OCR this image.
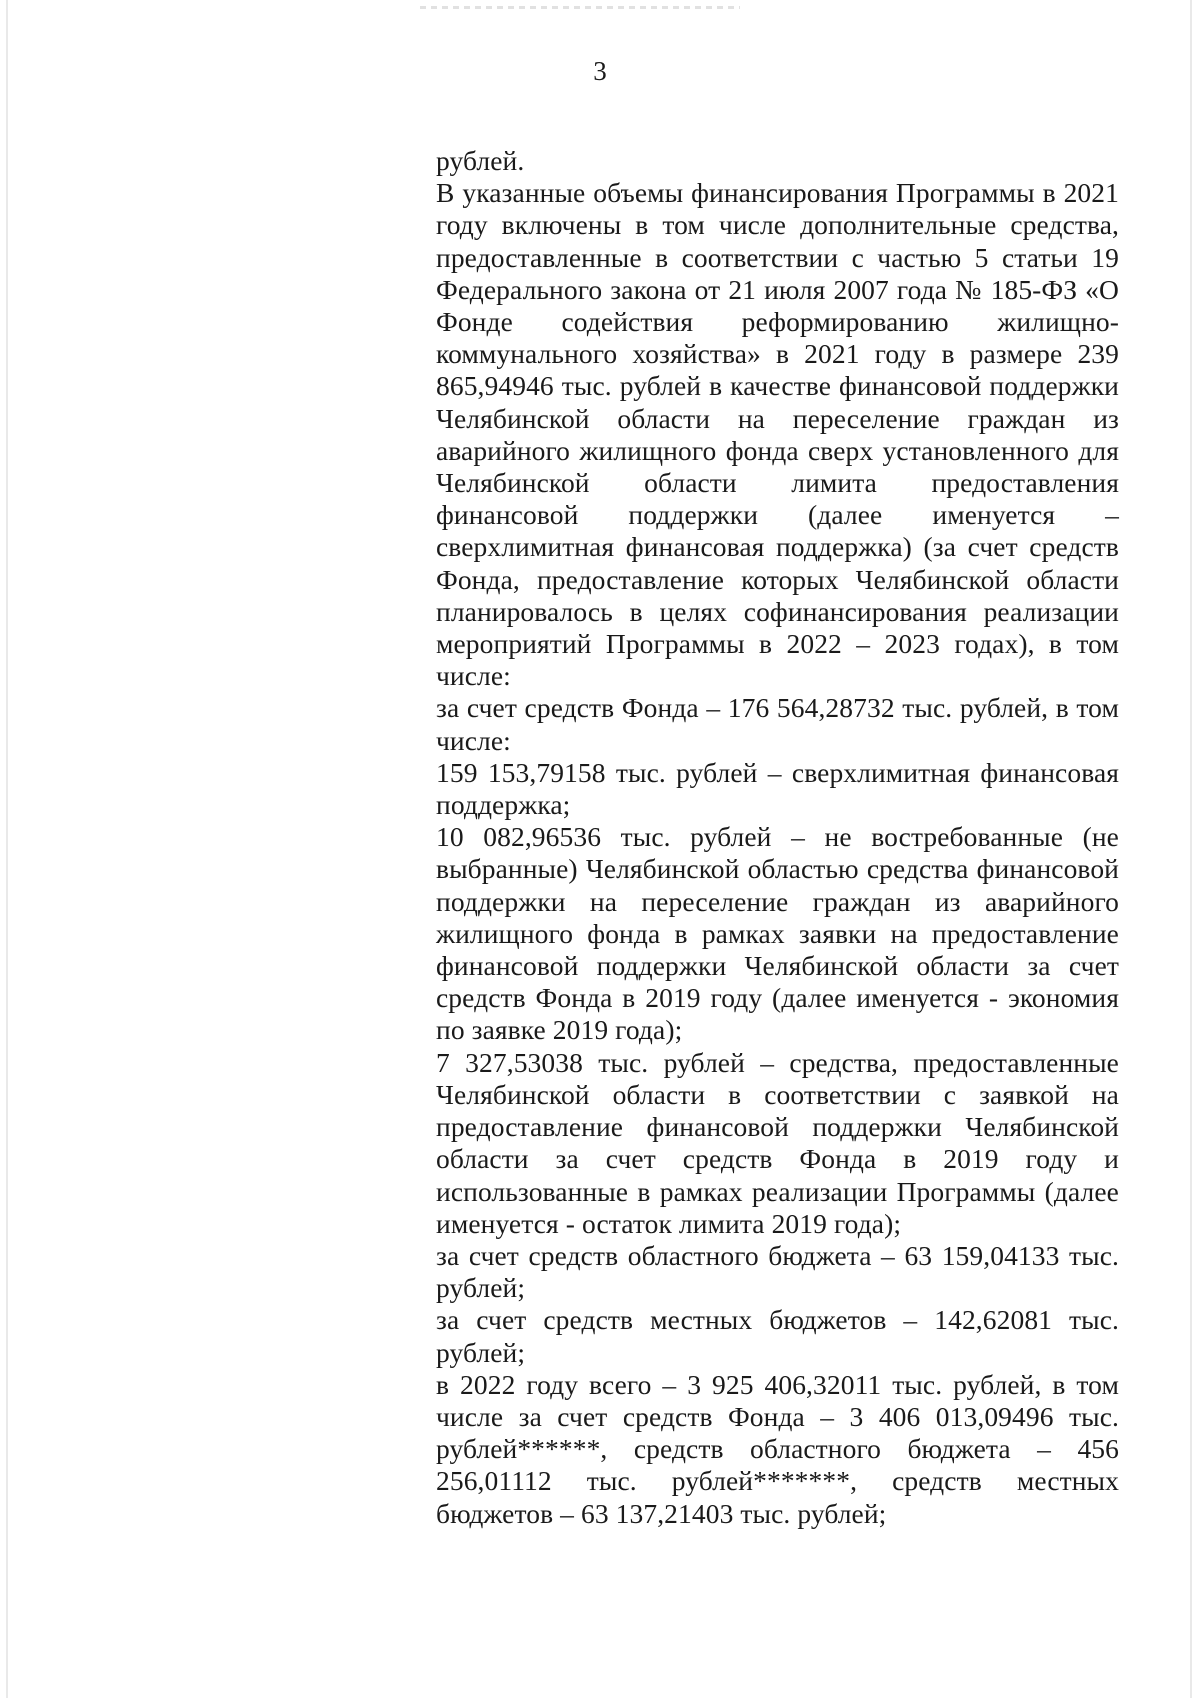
3

рублей.

В указанные объемы финансирования Программы в 2021 году включены в том числе дополнительные средства, предоставленные в соответствии с частью 5 статьи 19 Федерального закона от 21 июля 2007 года № 185-ФЗ «О Фонде содействия реформированию жилищно-коммунального хозяйства» в 2021 году в размере 239 865,94946 тыс. рублей в качестве финансовой поддержки Челябинской области на переселение граждан из аварийного жилищного фонда сверх установленного для Челябинской области лимита предоставления финансовой поддержки (далее именуется – сверхлимитная финансовая поддержка) (за счет средств Фонда, предоставление которых Челябинской области планировалось в целях софинансирования реализации мероприятий Программы в 2022 – 2023 годах), в том числе:

за счет средств Фонда – 176 564,28732 тыс. рублей, в том числе:

159 153,79158 тыс. рублей – сверхлимитная финансовая поддержка;

10 082,96536 тыс. рублей – не востребованные (не выбранные) Челябинской областью средства финансовой поддержки на переселение граждан из аварийного жилищного фонда в рамках заявки на предоставление финансовой поддержки Челябинской области за счет средств Фонда в 2019 году (далее именуется - экономия по заявке 2019 года);

7 327,53038 тыс. рублей – средства, предоставленные Челябинской области в соответствии с заявкой на предоставление финансовой поддержки Челябинской области за счет средств Фонда в 2019 году и использованные в рамках реализации Программы (далее именуется - остаток лимита 2019 года);

за счет средств областного бюджета – 63 159,04133 тыс. рублей;

за счет средств местных бюджетов – 142,62081 тыс. рублей;

в 2022 году всего – 3 925 406,32011 тыс. рублей, в том числе за счет средств Фонда – 3 406 013,09496 тыс. рублей******, средств областного бюджета – 456 256,01112 тыс. рублей*******, средств местных бюджетов – 63 137,21403 тыс. рублей;
